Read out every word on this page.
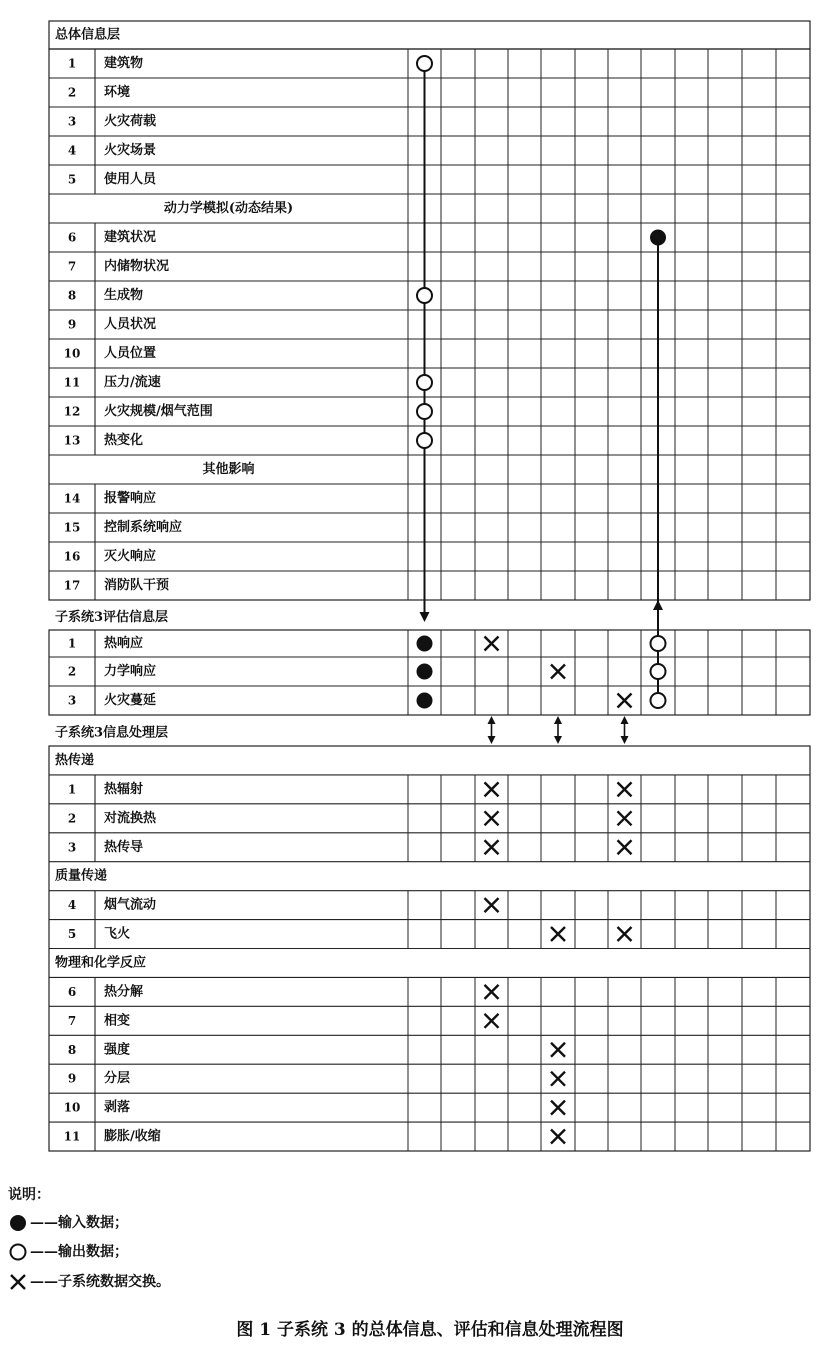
总体信息层
1 建筑物
2 环境
3 火灾荷载
4 火灾场景
5 使用人员
动力学模拟(动态结果)
6 建筑状况
7 内储物状况
8 生成物
9 人员状况
10 人员位置
11 压力/流速
12 火灾规模/烟气范围
13 热变化
其他影响
14 报警响应
15 控制系统响应
16 灭火响应
17 消防队干预
子系统3评估信息层
1 热响应
2 力学响应
3 火灾蔓延
子系统3信息处理层
热传递
1 热辐射
2 对流换热
3 热传导
质量传递
4 烟气流动
5 飞火
物理和化学反应
6 热分解
7 相变
8 强度
9 分层
10 剥落
11 膨胀/收缩
说明：
——输入数据；
——输出数据；
——子系统数据交换。
图 1 子系统 3 的总体信息、评估和信息处理流程图
